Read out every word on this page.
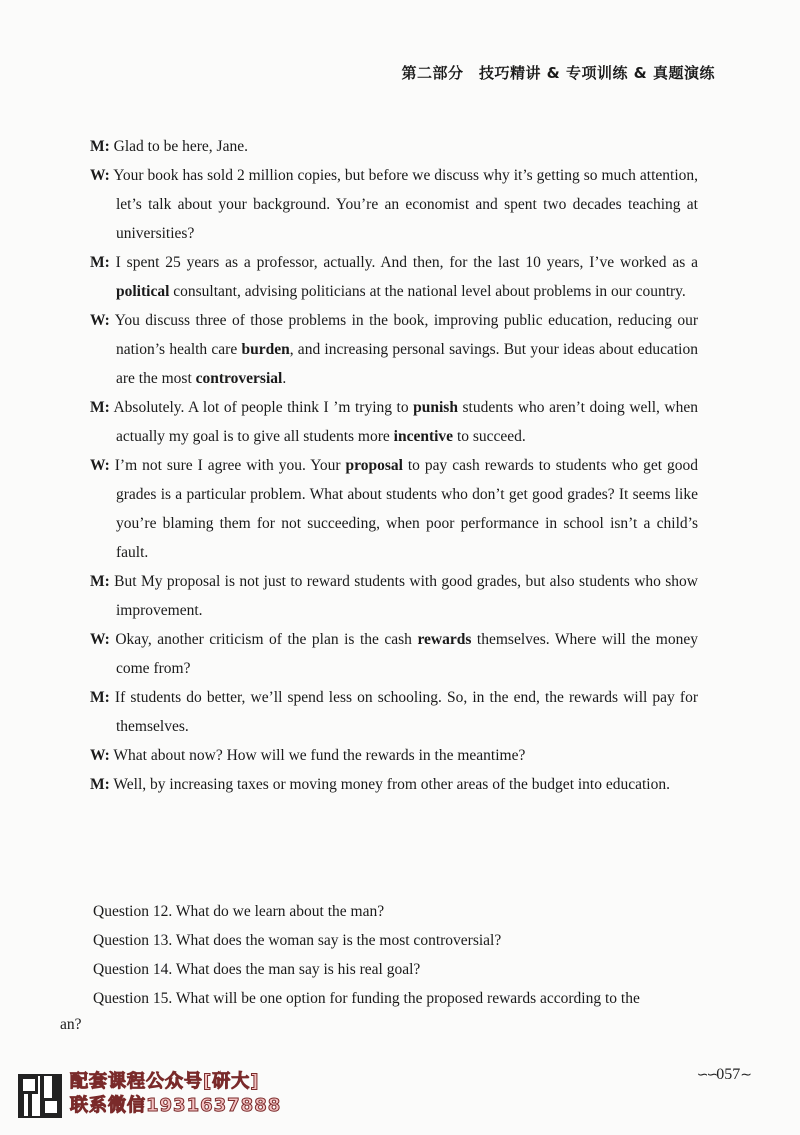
第二部分　技巧精讲 & 专项训练 & 真题演练

M: Glad to be here, Jane.

W: Your book has sold 2 million copies, but before we discuss why it’s getting so much attention, let’s talk about your background. You’re an economist and spent two decades teaching at universities?

M: I spent 25 years as a professor, actually. And then, for the last 10 years, I’ve worked as a political consultant, advising politicians at the national level about problems in our country.

W: You discuss three of those problems in the book, improving public education, reducing our nation’s health care burden, and increasing personal savings. But your ideas about education are the most controversial.

M: Absolutely. A lot of people think I ’m trying to punish students who aren’t doing well, when actually my goal is to give all students more incentive to succeed.

W: I’m not sure I agree with you. Your proposal to pay cash rewards to students who get good grades is a particular problem. What about students who don’t get good grades? It seems like you’re blaming them for not succeeding, when poor performance in school isn’t a child’s fault.

M: But My proposal is not just to reward students with good grades, but also students who show improvement.

W: Okay, another criticism of the plan is the cash rewards themselves. Where will the money come from?

M: If students do better, we’ll spend less on schooling. So, in the end, the rewards will pay for themselves.

W: What about now? How will we fund the rewards in the meantime?

M: Well, by increasing taxes or moving money from other areas of the budget into education.

Question 12. What do we learn about the man?

Question 13. What does the woman say is the most controversial?

Question 14. What does the man say is his real goal?

Question 15. What will be one option for funding the proposed rewards according to the

an?
配套课程公众号[研大]
联系微信1931637888
∽∽057∼
